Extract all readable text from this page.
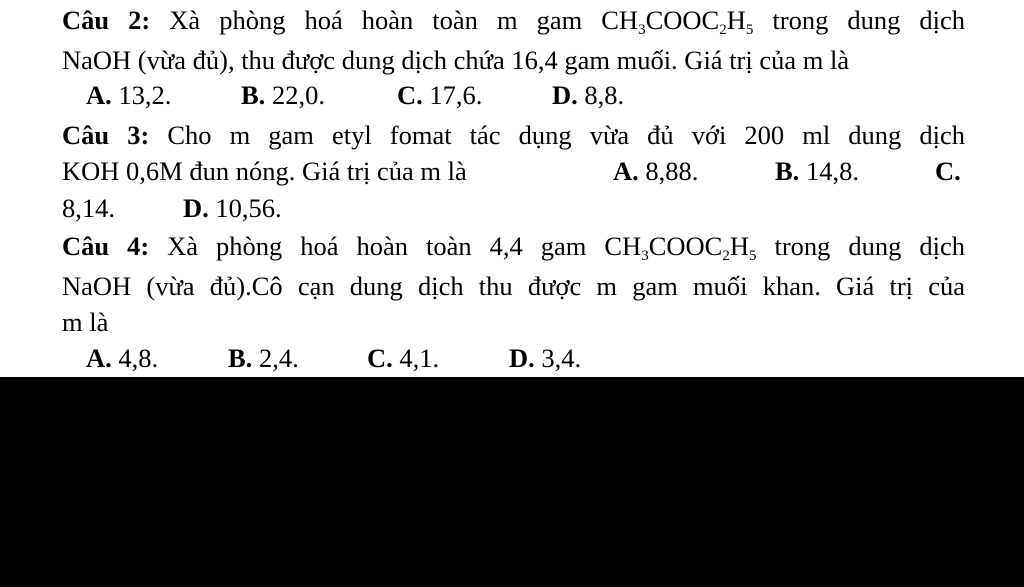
Câu 2: Xà phòng hoá hoàn toàn m gam $CH_3COOC_2H_5$ trong dung dịch
NaOH (vừa đủ), thu được dung dịch chứa 16,4 gam muối. Giá trị của m là
A. 13,2.	B. 22,0.	C. 17,6.	D. 8,8.
Câu 3: Cho m gam etyl fomat tác dụng vừa đủ với 200 ml dung dịch
KOH 0,6M đun nóng. Giá trị của m là	A. 8,88.	B. 14,8.	C.
8,14.	D. 10,56.
Câu 4: Xà phòng hoá hoàn toàn 4,4 gam $CH_3COOC_2H_5$ trong dung dịch
NaOH (vừa đủ).Cô cạn dung dịch thu được m gam muối khan. Giá trị của
m là
A. 4,8.	B. 2,4.	C. 4,1.	D. 3,4.
